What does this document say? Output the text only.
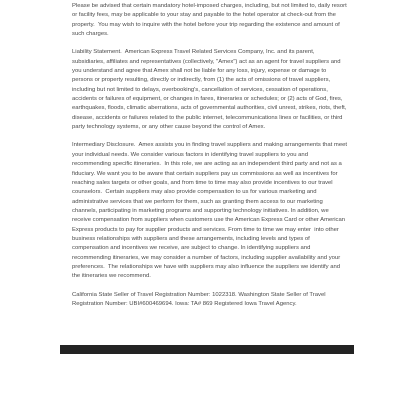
Please be advised that certain mandatory hotel-imposed charges, including, but not limited to, daily resort or facility fees, may be applicable to your stay and payable to the hotel operator at check-out from the property.  You may wish to inquire with the hotel before your trip regarding the existence and amount of such charges.

Liability Statement.  American Express Travel Related Services Company, Inc. and its parent, subsidiaries, affiliates and representatives (collectively, "Amex") act as an agent for travel suppliers and you understand and agree that Amex shall not be liable for any loss, injury, expense or damage to persons or property resulting, directly or indirectly, from (1) the acts of omissions of travel suppliers, including but not limited to delays, overbooking's, cancellation of services, cessation of operations, accidents or failures of equipment, or changes in fares, itineraries or schedules; or (2) acts of God, fires, earthquakes, floods, climatic aberrations, acts of governmental authorities, civil unrest, strikes, riots, theft, disease, accidents or failures related to the public internet, telecommunications lines or facilities, or third party technology systems, or any other cause beyond the control of Amex.

Intermediary Disclosure.  Amex assists you in finding travel suppliers and making arrangements that meet your individual needs. We consider various factors in identifying travel suppliers to you and recommending specific itineraries.  In this role, we are acting as an independent third party and not as a fiduciary. We want you to be aware that certain suppliers pay us commissions as well as incentives for reaching sales targets or other goals, and from time to time may also provide incentives to our travel counselors.  Certain suppliers may also provide compensation to us for various marketing and administrative services that we perform for them, such as granting them access to our marketing channels, participating in marketing programs and supporting technology initiatives. In addition, we receive compensation from suppliers when customers use the American Express Card or other American Express products to pay for supplier products and services. From time to time we may enter  into other business relationships with suppliers and these arrangements, including levels and types of compensation and incentives we receive, are subject to change. In identifying suppliers and recommending itineraries, we may consider a number of factors, including supplier availability and your preferences.  The relationships we have with suppliers may also influence the suppliers we identify and the itineraries we recommend.

California State Seller of Travel Registration Number: 1022318. Washington State Seller of Travel Registration Number: UBI#600469694. Iowa: TA# 869 Registered Iowa Travel Agency.
